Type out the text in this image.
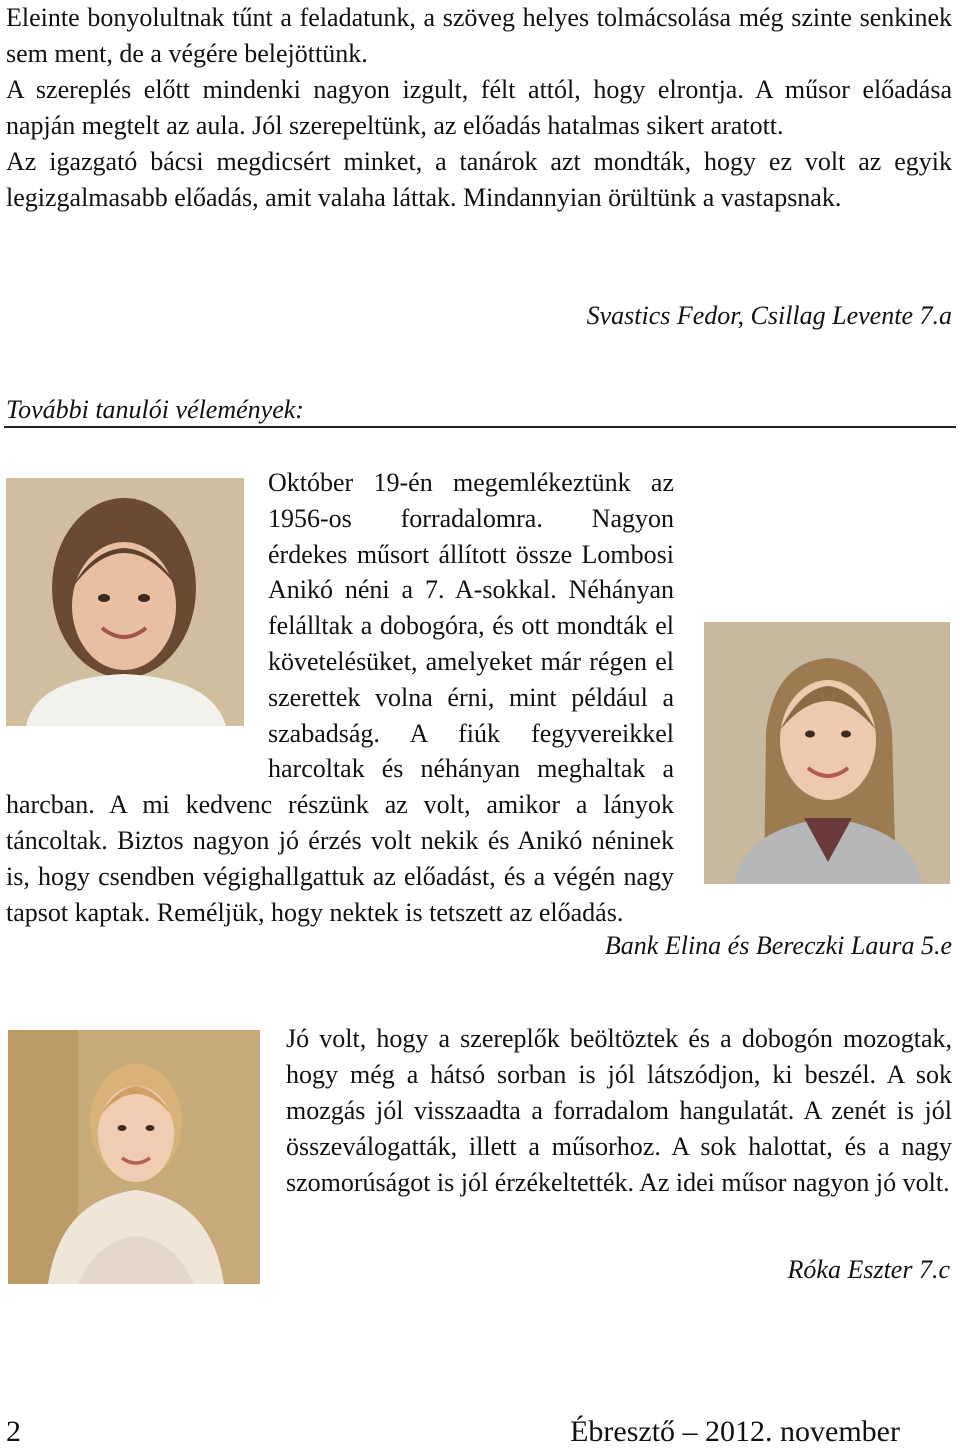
Eleinte bonyolultnak tűnt a feladatunk, a szöveg helyes tolmácsolása még szinte senkinek sem ment, de a végére belejöttünk.

A szereplés előtt mindenki nagyon izgult, félt attól, hogy elrontja. A műsor előadása napján megtelt az aula. Jól szerepeltünk, az előadás hatalmas sikert aratott.

Az igazgató bácsi megdicsért minket, a tanárok azt mondták, hogy ez volt az egyik legizgalmasabb előadás, amit valaha láttak. Mindannyian örültünk a vastapsnak.

Svastics Fedor, Csillag Levente 7.a
További tanulói vélemények:

Október 19-én megemlékeztünk az 1956-os forradalomra. Nagyon érdekes műsort állított össze Lombosi Anikó néni a 7. A-sokkal. Néhányan felálltak a dobogóra, és ott mondták el követelésüket, amelyeket már régen el szerettek volna érni, mint például a szabadság. A fiúk fegyvereikkel harcoltak és néhányan meghaltak a harcban. A mi kedvenc részünk az volt, amikor a lányok táncoltak. Biztos nagyon jó érzés volt nekik és Anikó néninek is, hogy csendben végighallgattuk az előadást, és a végén nagy tapsot kaptak. Reméljük, hogy nektek is tetszett az előadás.

Bank Elina és Bereczki Laura 5.e

Jó volt, hogy a szereplők beöltöztek és a dobogón mozogtak, hogy még a hátsó sorban is jól látszódjon, ki beszél. A sok mozgás jól visszaadta a forradalom hangulatát. A zenét is jól összeválogatták, illett a műsorhoz. A sok halottat, és a nagy szomorúságot is jól érzékeltették. Az idei műsor nagyon jó volt.

Róka Eszter 7.c
2	Ébresztő – 2012. november
